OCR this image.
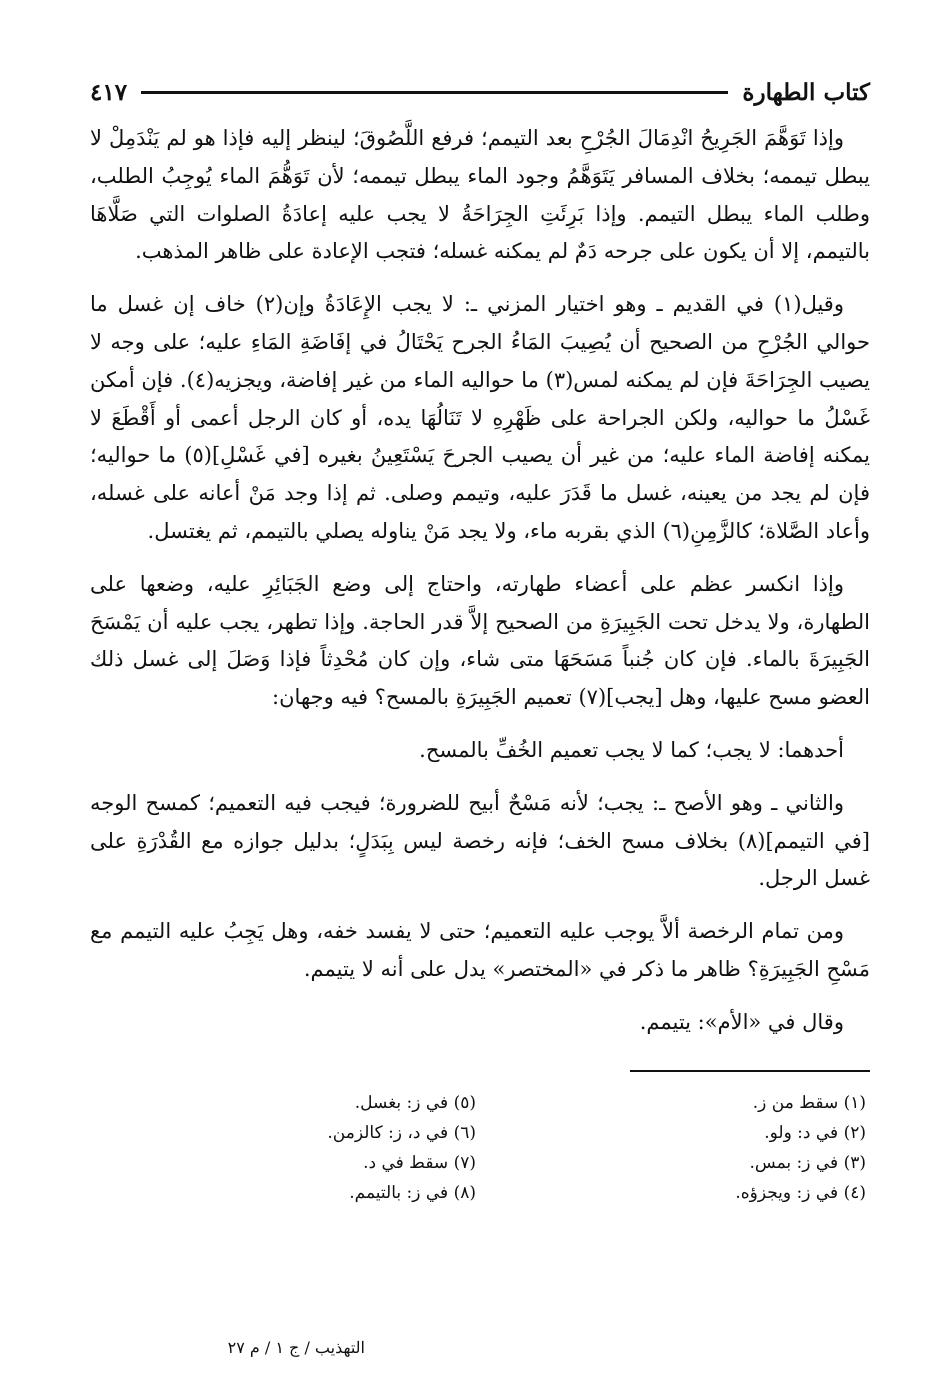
كتاب الطهارة
٤١٧

وإذا تَوَهَّمَ الجَرِيحُ انْدِمَالَ الجُرْحِ بعد التيمم؛ فرفع اللَّصُوقَ؛ لينظر إليه فإذا هو لم يَنْدَمِلْ لا يبطل تيممه؛ بخلاف المسافر يَتَوَهَّمُ وجود الماء يبطل تيممه؛ لأن تَوَهُّمَ الماء يُوجِبُ الطلب، وطلب الماء يبطل التيمم. وإذا بَرِئَتِ الجِرَاحَةُ لا يجب عليه إعادَةُ الصلوات التي صَلَّاهَا بالتيمم، إلا أن يكون على جرحه دَمٌ لم يمكنه غسله؛ فتجب الإعادة على ظاهر المذهب.

وقيل(١) في القديم ـ وهو اختيار المزني ـ: لا يجب الإِعَادَةُ وإن(٢) خاف إن غسل ما حوالي الجُرْحِ من الصحيح أن يُصِيبَ المَاءُ الجرح يَحْتَالُ في إفَاضَةِ المَاءِ عليه؛ على وجه لا يصيب الجِرَاحَةَ فإن لم يمكنه لمس(٣) ما حواليه الماء من غير إفاضة، ويجزيه(٤). فإن أمكن غَسْلُ ما حواليه، ولكن الجراحة على ظَهْرِهِ لا تَنَالُهَا يده، أو كان الرجل أعمى أو أَقْطَعَ لا يمكنه إفاضة الماء عليه؛ من غير أن يصيب الجرحَ يَسْتَعِينُ بغيره [في غَسْلِ](٥) ما حواليه؛ فإن لم يجد من يعينه، غسل ما قَدَرَ عليه، وتيمم وصلى. ثم إذا وجد مَنْ أعانه على غسله، وأعاد الصَّلاة؛ كالزَّمِنِ(٦) الذي بقربه ماء، ولا يجد مَنْ يناوله يصلي بالتيمم، ثم يغتسل.

وإذا انكسر عظم على أعضاء طهارته، واحتاج إلى وضع الجَبَائِرِ عليه، وضعها على الطهارة، ولا يدخل تحت الجَبِيرَةِ من الصحيح إلاَّ قدر الحاجة. وإذا تطهر، يجب عليه أن يَمْسَحَ الجَبِيرَةَ بالماء. فإن كان جُنباً مَسَحَهَا متى شاء، وإن كان مُحْدِثاً فإذا وَصَلَ إلى غسل ذلك العضو مسح عليها، وهل [يجب](٧) تعميم الجَبِيرَةِ بالمسح؟ فيه وجهان:

أحدهما: لا يجب؛ كما لا يجب تعميم الخُفِّ بالمسح.

والثاني ـ وهو الأصح ـ: يجب؛ لأنه مَسْحٌ أبيح للضرورة؛ فيجب فيه التعميم؛ كمسح الوجه [في التيمم](٨) بخلاف مسح الخف؛ فإنه رخصة ليس بِبَدَلٍ؛ بدليل جوازه مع القُدْرَةِ على غسل الرجل.

ومن تمام الرخصة ألاَّ يوجب عليه التعميم؛ حتى لا يفسد خفه، وهل يَجِبُ عليه التيمم مع مَسْحِ الجَبِيرَةِ؟ ظاهر ما ذكر في «المختصر» يدل على أنه لا يتيمم.

وقال في «الأم»: يتيمم.

(١) سقط من ز.
(٢) في د: ولو.
(٣) في ز: بمس.
(٤) في ز: ويجزؤه.
(٥) في ز: بغسل.
(٦) في د، ز: كالزمن.
(٧) سقط في د.
(٨) في ز: بالتيمم.
التهذيب / ج ١ / م ٢٧
